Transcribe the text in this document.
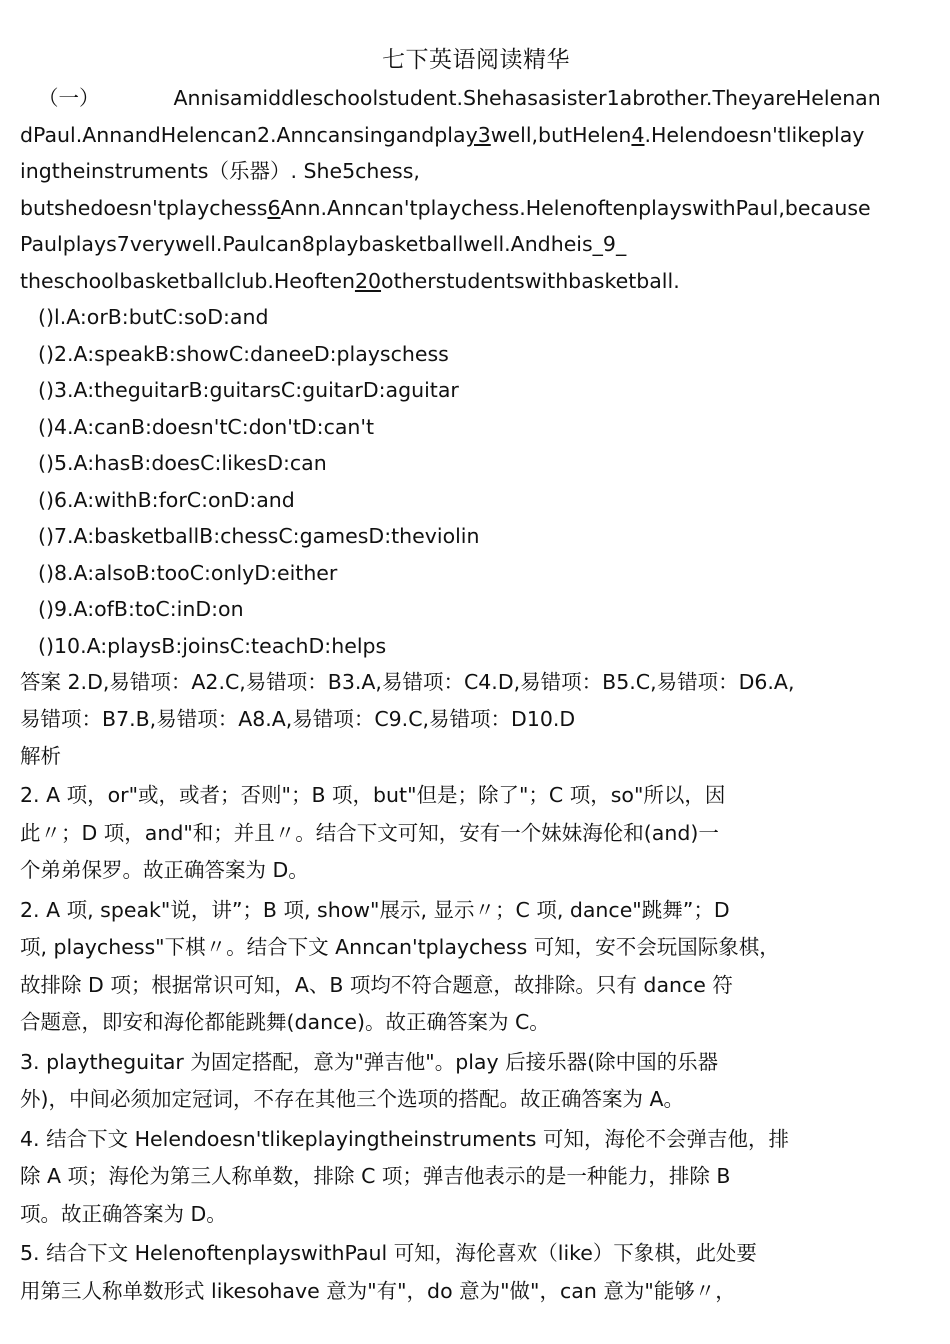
七下英语阅读精华
（一）	Annisamiddleschoolstudent.Shehasasister1abrother.TheyareHelenan
dPaul.AnnandHelencan2.Anncansingandplay3well,butHelen4.Helendoesn'tlikeplay
ingtheinstruments（乐器）. She5chess,
butshedoesn'tplaychess6Ann.Anncan'tplaychess.HelenoftenplayswithPaul,because
Paulplays7verywell.Paulcan8playbasketballwell.Andheis_9_
theschoolbasketballclub.Heoften20otherstudentswithbasketball.
()l.A:orB:butC:soD:and
()2.A:speakB:showC:daneeD:playschess
()3.A:theguitarB:guitarsC:guitarD:aguitar
()4.A:canB:doesn'tC:don'tD:can't
()5.A:hasB:doesC:likesD:can
()6.A:withB:forC:onD:and
()7.A:basketballB:chessC:gamesD:theviolin
()8.A:alsoB:tooC:onlyD:either
()9.A:ofB:toC:inD:on
()10.A:playsB:joinsC:teachD:helps
答案 2.D,易错项：A2.C,易错项：B3.A,易错项：C4.D,易错项：B5.C,易错项：D6.A,
易错项：B7.B,易错项：A8.A,易错项：C9.C,易错项：D10.D
解析
2. A 项，or"或，或者；否则"；B 项，but"但是；除了"；C 项，so"所以，因
此〃；D 项，and"和；并且〃。结合下文可知，安有一个妹妹海伦和(and)一
个弟弟保罗。故正确答案为 D。
2. A 项, speak"说，讲”；B 项, show"展示, 显示〃；C 项, dance"跳舞”；D
项, playchess"下棋〃。结合下文 Anncan'tplaychess 可知，安不会玩国际象棋，
故排除 D 项；根据常识可知，A、B 项均不符合题意，故排除。只有 dance 符
合题意，即安和海伦都能跳舞(dance)。故正确答案为 C。
3. playtheguitar 为固定搭配，意为"弹吉他"。play 后接乐器(除中国的乐器
外)，中间必须加定冠词，不存在其他三个选项的搭配。故正确答案为 A。
4. 结合下文 Helendoesn'tlikeplayingtheinstruments 可知，海伦不会弹吉他，排
除 A 项；海伦为第三人称单数，排除 C 项；弹吉他表示的是一种能力，排除 B
项。故正确答案为 D。
5. 结合下文 HelenoftenplayswithPaul 可知，海伦喜欢（like）下象棋，此处要
用第三人称单数形式 likesohave 意为"有"，do 意为"做"，can 意为"能够〃，
